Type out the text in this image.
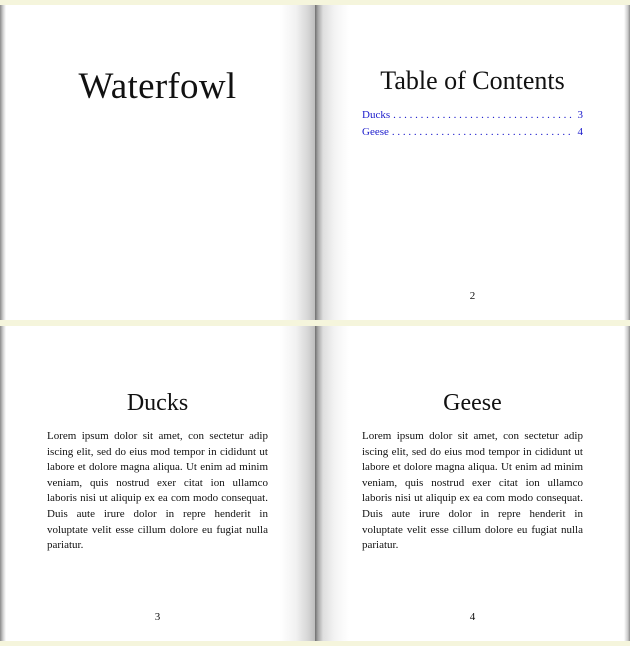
Waterfowl	Table of Contents
Ducks . . .	3
Geese . . .	4
2
Ducks

Lorem ipsum dolor sit amet, con sectetur adip iscing elit, sed do eius mod tempor in cididunt ut labore et dolore magna aliqua. Ut enim ad minim veniam, quis nostrud exer citat ion ullamco laboris nisi ut aliquip ex ea com modo consequat. Duis aute irure dolor in repre henderit in voluptate velit esse cillum dolore eu fugiat nulla pariatur.

3
Geese

Lorem ipsum dolor sit amet, con sectetur adip iscing elit, sed do eius mod tempor in cididunt ut labore et dolore magna aliqua. Ut enim ad minim veniam, quis nostrud exer citat ion ullamco laboris nisi ut aliquip ex ea com modo consequat. Duis aute irure dolor in repre henderit in voluptate velit esse cillum dolore eu fugiat nulla pariatur.

4
